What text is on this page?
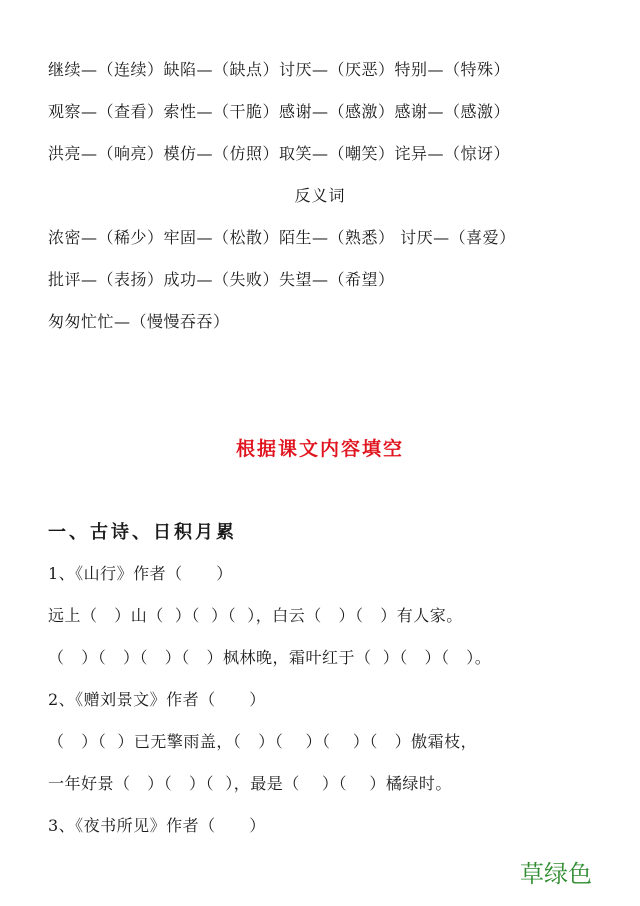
继续—（连续）缺陷—（缺点）讨厌—（厌恶）特别—（特殊）
观察—（查看）索性—（干脆）感谢—（感激）感谢—（感激）
洪亮—（响亮）模仿—（仿照）取笑—（嘲笑）诧异—（惊讶）
反义词
浓密—（稀少）牢固—（松散）陌生—（熟悉） 讨厌—（喜爱）
批评—（表扬）成功—（失败）失望—（希望）
匆匆忙忙—（慢慢吞吞）
根据课文内容填空
一、古诗、日积月累
1、《山行》作者（      ）
远上（   ）山（  ）（  ）（  ），白云（   ）（   ）有人家。
（   ）（   ）（   ）（   ）枫林晚，霜叶红于（  ）（   ）（   ）。
2、《赠刘景文》作者（      ）
（   ）（  ）已无擎雨盖，（   ）（    ）（    ）（   ）傲霜枝，
一年好景（   ）（   ）（  ），最是（    ）（    ）橘绿时。
3、《夜书所见》作者（      ）
草绿色
